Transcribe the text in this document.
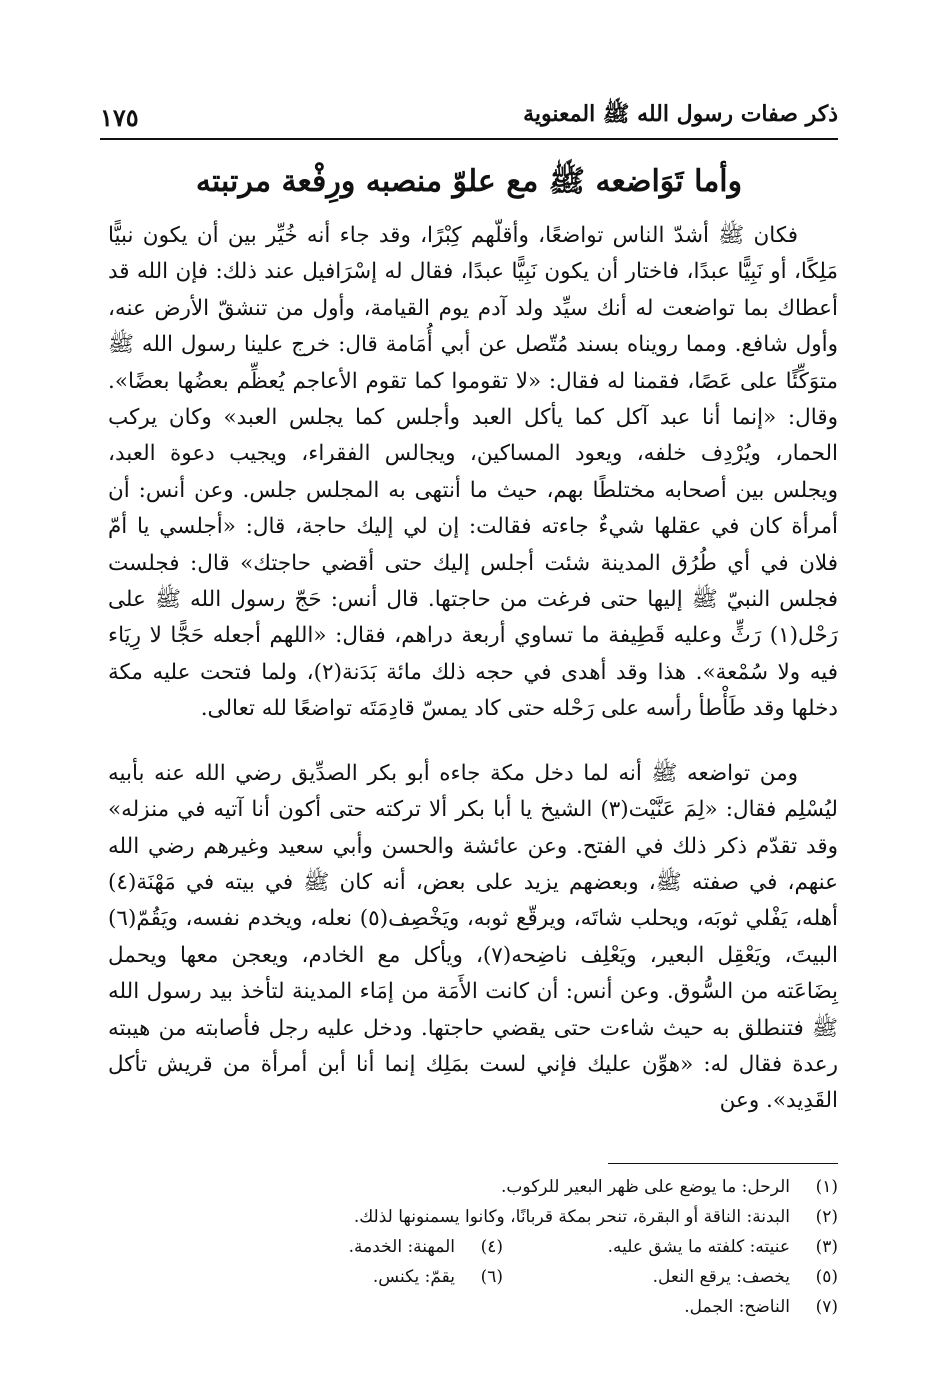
ذكر صفات رسول الله ﷺ المعنوية
١٧٥
وأما تَوَاضعه ﷺ مع علوّ منصبه ورِفْعة مرتبته

فكان ﷺ أشدّ الناس تواضعًا، وأقلّهم كِبْرًا، وقد جاء أنه خُيِّر بين أن يكون نبيًّا مَلِكًا، أو نَبِيًّا عبدًا، فاختار أن يكون نَبِيًّا عبدًا، فقال له إسْرَافيل عند ذلك: فإن الله قد أعطاك بما تواضعت له أنك سيِّد ولد آدم يوم القيامة، وأول من تنشقّ الأرض عنه، وأول شافع. ومما رويناه بسند مُتّصل عن أبي أُمَامة قال: خرج علينا رسول الله ﷺ متوَكِّئًا على عَصًا، فقمنا له فقال: «لا تقوموا كما تقوم الأعاجم يُعظِّم بعضُها بعضًا». وقال: «إنما أنا عبد آكل كما يأكل العبد وأجلس كما يجلس العبد» وكان يركب الحمار، ويُرْدِف خلفه، ويعود المساكين، ويجالس الفقراء، ويجيب دعوة العبد، ويجلس بين أصحابه مختلطًا بهم، حيث ما أنتهى به المجلس جلس. وعن أنس: أن أمرأة كان في عقلها شيءٌ جاءته فقالت: إن لي إليك حاجة، قال: «أجلسي يا أمّ فلان في أي طُرُق المدينة شئت أجلس إليك حتى أقضي حاجتك» قال: فجلست فجلس النبيّ ﷺ إليها حتى فرغت من حاجتها. قال أنس: حَجّ رسول الله ﷺ على رَحْل(١) رَثٍّ وعليه قَطِيفة ما تساوي أربعة دراهم، فقال: «اللهم أجعله حَجًّا لا رِيَاء فيه ولا سُمْعة». هذا وقد أهدى في حجه ذلك مائة بَدَنة(٢)، ولما فتحت عليه مكة دخلها وقد طَأْطأ رأسه على رَحْله حتى كاد يمسّ قادِمَتَه تواضعًا لله تعالى.

ومن تواضعه ﷺ أنه لما دخل مكة جاءه أبو بكر الصدِّيق رضي الله عنه بأبيه ليُسْلِم فقال: «لِمَ عَنَّيْت(٣) الشيخ يا أبا بكر ألا تركته حتى أكون أنا آتيه في منزله» وقد تقدّم ذكر ذلك في الفتح. وعن عائشة والحسن وأبي سعيد وغيرهم رضي الله عنهم، في صفته ﷺ، وبعضهم يزيد على بعض، أنه كان ﷺ في بيته في مَهْنَة(٤) أهله، يَفْلي ثوبَه، ويحلب شاتَه، ويرقّع ثوبه، ويَخْصِف(٥) نعله، ويخدم نفسه، ويَقُمّ(٦) البيتَ، ويَعْقِل البعير، ويَعْلِف ناضِحه(٧)، ويأكل مع الخادم، ويعجن معها ويحمل بِضَاعَته من السُّوق. وعن أنس: أن كانت الأَمَة من إمَاء المدينة لتأخذ بيد رسول الله ﷺ فتنطلق به حيث شاءت حتى يقضي حاجتها. ودخل عليه رجل فأصابته من هيبته رعدة فقال له: «هوِّن عليك فإني لست بمَلِك إنما أنا أبن أمرأة من قريش تأكل القَدِيد». وعن

(١)
الرحل: ما يوضع على ظهر البعير للركوب.
(٢)
البدنة: الناقة أو البقرة، تنحر بمكة قربانًا، وكانوا يسمنونها لذلك.
(٣)
عنيته: كلفته ما يشق عليه.
(٤)
المهنة: الخدمة.
(٥)
يخصف: يرقع النعل.
(٦)
يقمّ: يكنس.
(٧)
الناضح: الجمل.
